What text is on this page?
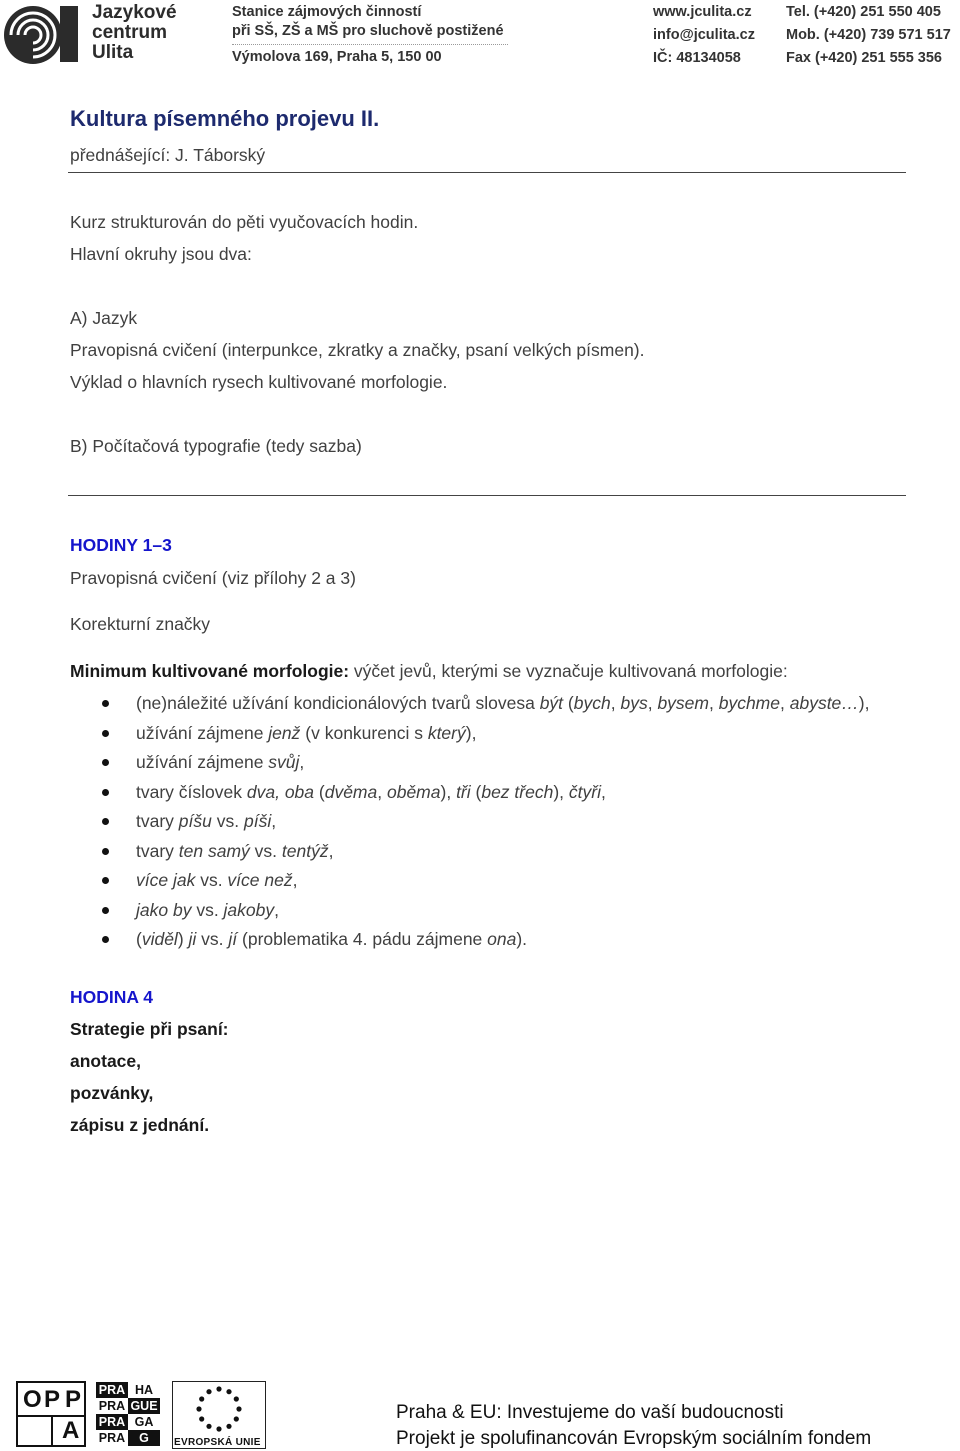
Jazykové
centrum
Ulita
Stanice zájmových činností
při SŠ, ZŠ a MŠ pro sluchově postižené
Výmolova 169, Praha 5, 150 00
www.jculita.cz
info@jculita.cz
IČ: 48134058
Tel. (+420) 251 550 405
Mob. (+420) 739 571 517
Fax (+420) 251 555 356
Kultura písemného projevu II.
přednášející: J. Táborský
Kurz strukturován do pěti vyučovacích hodin.
Hlavní okruhy jsou dva:
A) Jazyk
Pravopisná cvičení (interpunkce, zkratky a značky, psaní velkých písmen).
Výklad o hlavních rysech kultivované morfologie.
B) Počítačová typografie (tedy sazba)
HODINY 1–3
Pravopisná cvičení (viz přílohy 2 a 3)
Korekturní značky
Minimum kultivované morfologie: výčet jevů, kterými se vyznačuje kultivovaná morfologie:
(ne)náležité užívání kondicionálových tvarů slovesa být (bych, bys, bysem, bychme, abyste…),
užívání zájmene jenž (v konkurenci s který),
užívání zájmene svůj,
tvary číslovek dva, oba (dvěma, oběma), tři (bez třech), čtyři,
tvary píšu vs. píši,
tvary ten samý vs. tentýž,
více jak vs. více než,
jako by vs. jakoby,
(viděl) ji vs. jí (problematika 4. pádu zájmene ona).
HODINA 4
Strategie při psaní:
anotace,
pozvánky,
zápisu z jednání.
O P P
A
PRA HA
PRA GUE
PRA GA
PRA	G	EVROPSKÁ UNIE
Praha & EU: Investujeme do vaší budoucnosti
Projekt je spolufinancován Evropským sociálním fondem
